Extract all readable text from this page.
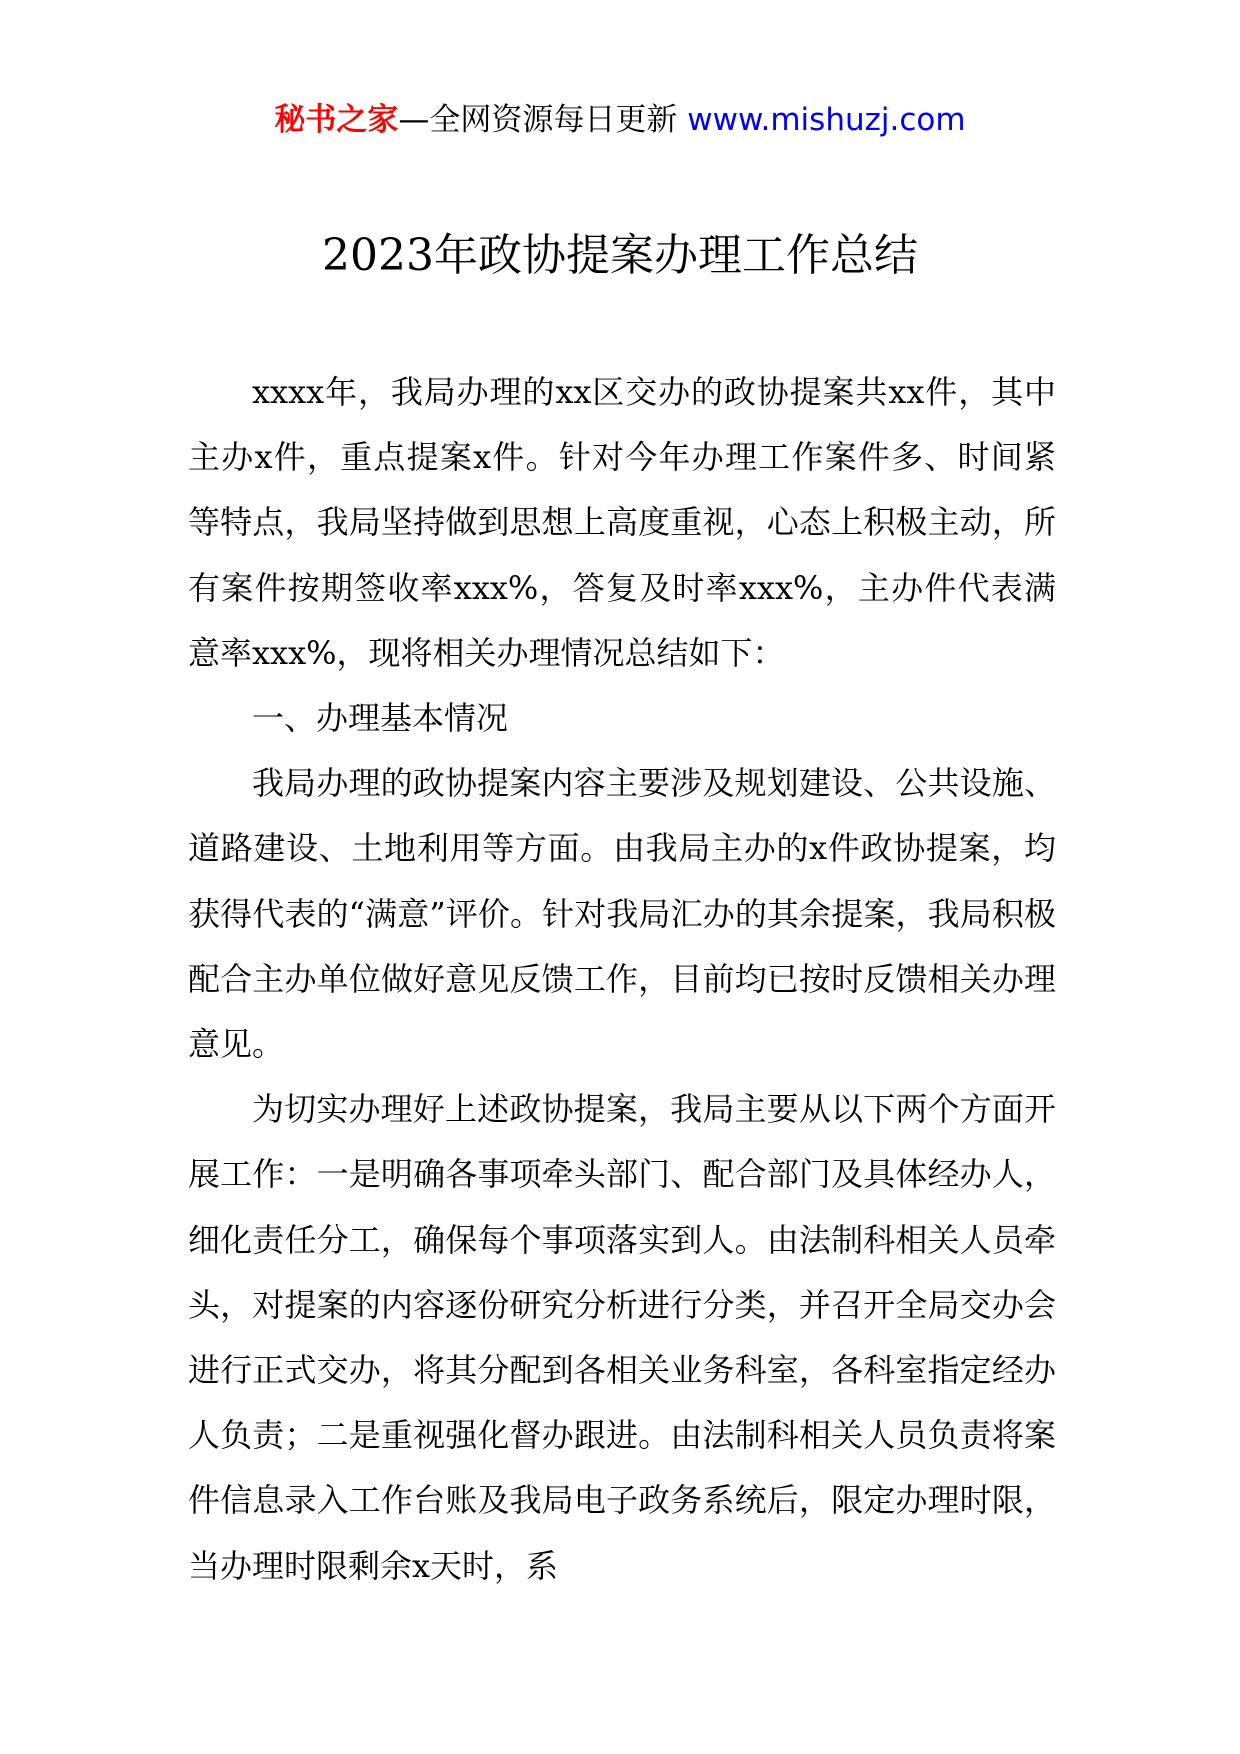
秘书之家—全网资源每日更新 www.mishuzj.com
2023年政协提案办理工作总结

xxxx年，我局办理的xx区交办的政协提案共xx件，其中主办x件，重点提案x件。针对今年办理工作案件多、时间紧等特点，我局坚持做到思想上高度重视，心态上积极主动，所有案件按期签收率xxx%，答复及时率xxx%，主办件代表满意率xxx%，现将相关办理情况总结如下：

一、办理基本情况

我局办理的政协提案内容主要涉及规划建设、公共设施、道路建设、土地利用等方面。由我局主办的x件政协提案，均获得代表的“满意”评价。针对我局汇办的其余提案，我局积极配合主办单位做好意见反馈工作，目前均已按时反馈相关办理意见。

为切实办理好上述政协提案，我局主要从以下两个方面开展工作：一是明确各事项牵头部门、配合部门及具体经办人，细化责任分工，确保每个事项落实到人。由法制科相关人员牵头，对提案的内容逐份研究分析进行分类，并召开全局交办会进行正式交办，将其分配到各相关业务科室，各科室指定经办人负责；二是重视强化督办跟进。由法制科相关人员负责将案件信息录入工作台账及我局电子政务系统后，限定办理时限，当办理时限剩余x天时，系
